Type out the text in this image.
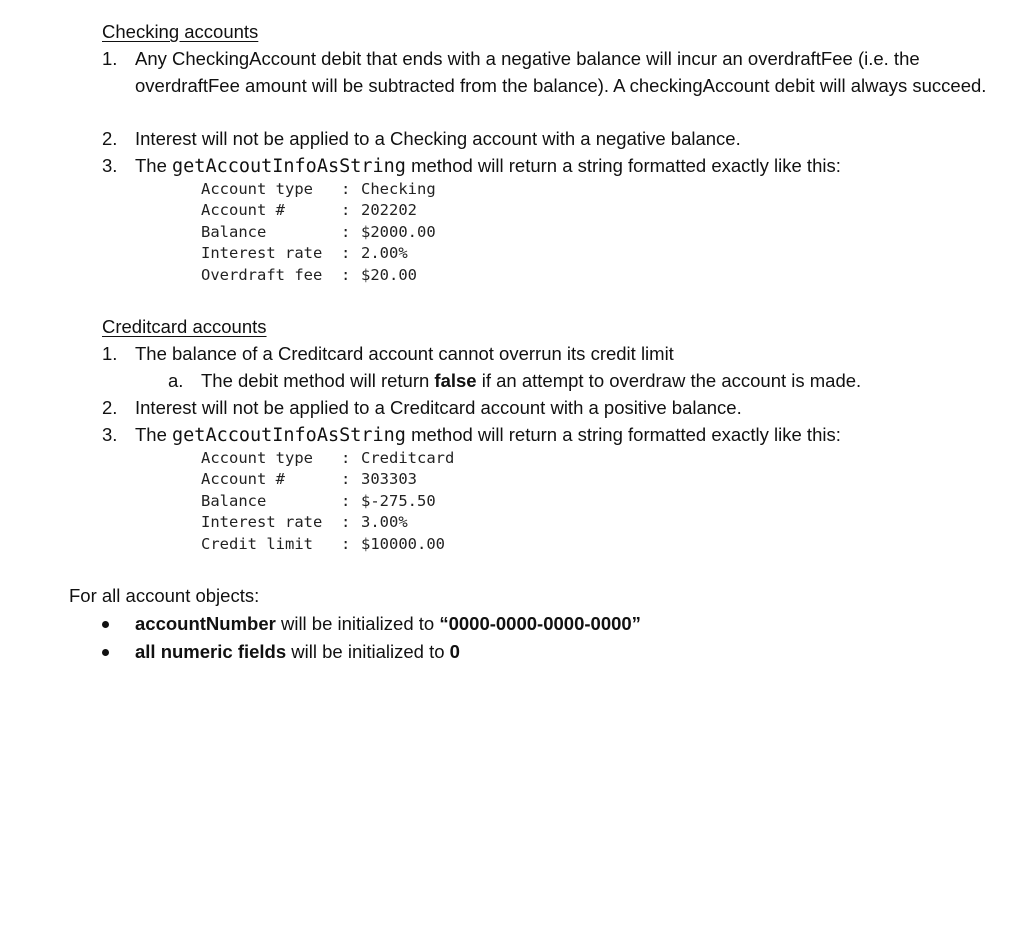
Checking accounts
1. Any CheckingAccount debit that ends with a negative balance will incur an overdraftFee (i.e. the overdraftFee amount will be subtracted from the balance). A checkingAccount debit will always succeed.
2. Interest will not be applied to a Checking account with a negative balance.
3. The getAccoutInfoAsString method will return a string formatted exactly like this:
Account type : Checking
Account #	: 202202
Balance	: $2000.00
Interest rate : 2.00%
Overdraft fee : $20.00
Creditcard accounts
1. The balance of a Creditcard account cannot overrun its credit limit
a. The debit method will return false if an attempt to overdraw the account is made.
2. Interest will not be applied to a Creditcard account with a positive balance.
3. The getAccoutInfoAsString method will return a string formatted exactly like this:
Account type : Creditcard
Account #	: 303303
Balance	: $-275.50
Interest rate : 3.00%
Credit limit : $10000.00
For all account objects:
accountNumber will be initialized to “0000-0000-0000-0000”
all numeric fields will be initialized to 0
